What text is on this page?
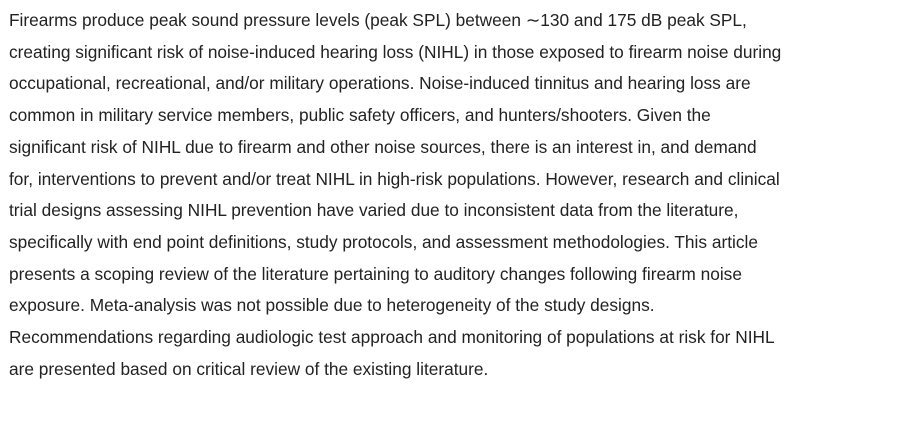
Firearms produce peak sound pressure levels (peak SPL) between ∼130 and 175 dB peak SPL,
creating significant risk of noise-induced hearing loss (NIHL) in those exposed to firearm noise during
occupational, recreational, and/or military operations. Noise-induced tinnitus and hearing loss are
common in military service members, public safety officers, and hunters/shooters. Given the
significant risk of NIHL due to firearm and other noise sources, there is an interest in, and demand
for, interventions to prevent and/or treat NIHL in high-risk populations. However, research and clinical
trial designs assessing NIHL prevention have varied due to inconsistent data from the literature,
specifically with end point definitions, study protocols, and assessment methodologies. This article
presents a scoping review of the literature pertaining to auditory changes following firearm noise
exposure. Meta-analysis was not possible due to heterogeneity of the study designs.
Recommendations regarding audiologic test approach and monitoring of populations at risk for NIHL
are presented based on critical review of the existing literature.
